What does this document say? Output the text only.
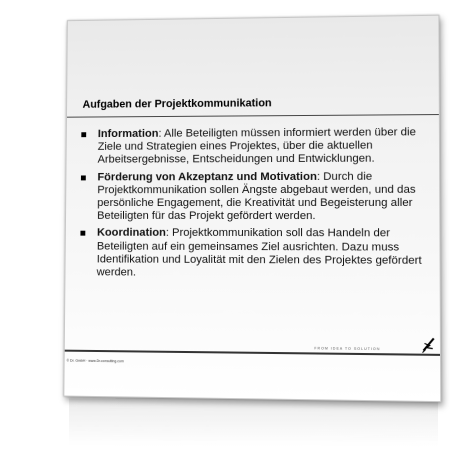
Aufgaben der Projektkommunikation
Information: Alle Beteiligten müssen informiert werden über die Ziele und Strategien eines Projektes, über die aktuellen Arbeitsergebnisse, Entscheidungen und Entwicklungen.
Förderung von Akzeptanz und Motivation: Durch die Projektkommunikation sollen Ängste abgebaut werden, und das persönliche Engagement, die Kreativität und Begeisterung aller Beteiligten für das Projekt gefördert werden.
Koordination: Projektkommunikation soll das Handeln der Beteiligten auf ein gemeinsames Ziel ausrichten. Dazu muss Identifikation und Loyalität mit den Zielen des Projektes gefördert werden.
FROM IDEA TO SOLUTION
© Dr. GmbH · www.Dr.consulting.com
